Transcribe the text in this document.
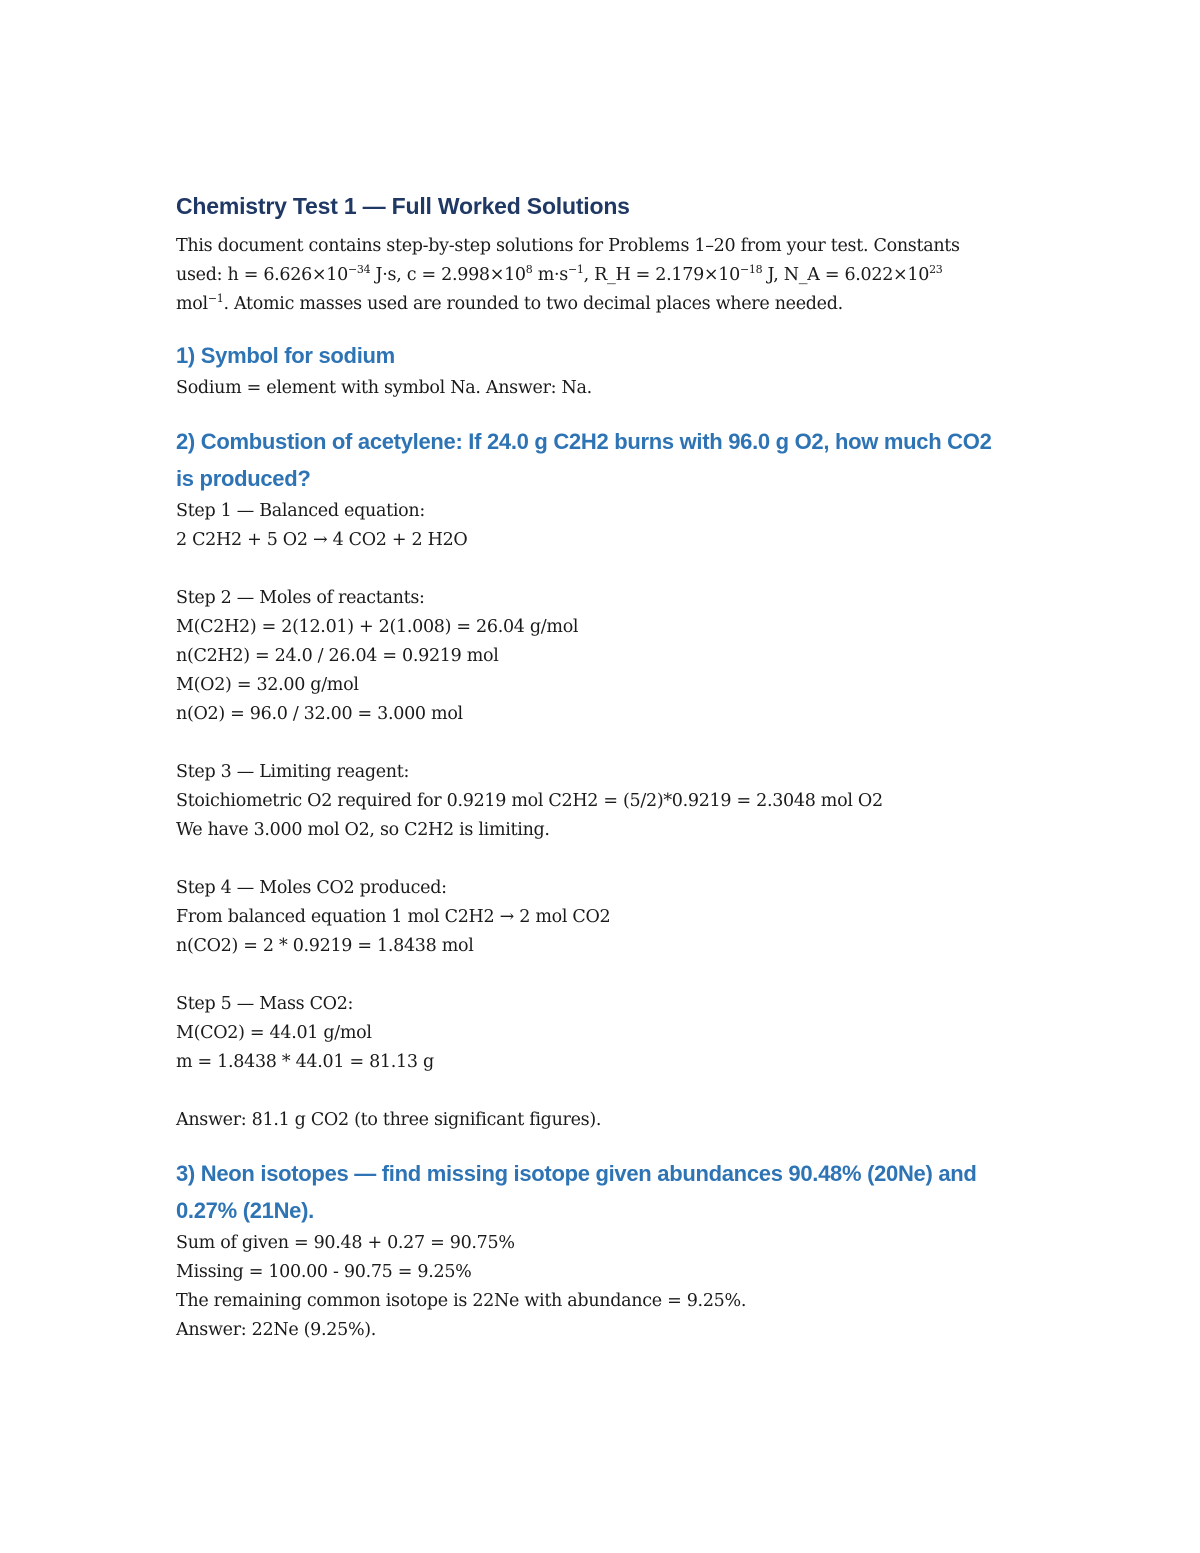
Chemistry Test 1 — Full Worked Solutions
This document contains step-by-step solutions for Problems 1–20 from your test. Constants
used: $h = 6.626\times 10^{-34}$ J·s, $c = 2.998\times 10^8$ $m\cdot s^{-1}$, R_H = $2.179\times 10^{-18}$ J, N_A = $6.022\times 10^{23}$
mol$^{-1}$. Atomic masses used are rounded to two decimal places where needed.
1) Symbol for sodium
Sodium = element with symbol Na. Answer: Na.
2) Combustion of acetylene: If 24.0 g C2H2 burns with 96.0 g O2, how much CO2
is produced?
Step 1 — Balanced equation:
2 C2H2 + 5 O2 → 4 CO2 + 2 H2O
Step 2 — Moles of reactants:
M(C2H2) = 2(12.01) + 2(1.008) = 26.04 g/mol
n(C2H2) = 24.0 / 26.04 = 0.9219 mol
M(O2) = 32.00 g/mol
n(O2) = 96.0 / 32.00 = 3.000 mol
Step 3 — Limiting reagent:
Stoichiometric O2 required for 0.9219 mol C2H2 = (5/2)*0.9219 = 2.3048 mol O2
We have 3.000 mol O2, so C2H2 is limiting.
Step 4 — Moles CO2 produced:
From balanced equation 1 mol C2H2 → 2 mol CO2
n(CO2) = 2 * 0.9219 = 1.8438 mol
Step 5 — Mass CO2:
M(CO2) = 44.01 g/mol
m = 1.8438 * 44.01 = 81.13 g
Answer: 81.1 g CO2 (to three significant figures).
3) Neon isotopes — find missing isotope given abundances 90.48% (20Ne) and
0.27% (21Ne).
Sum of given = 90.48 + 0.27 = 90.75%
Missing = 100.00 - 90.75 = 9.25%
The remaining common isotope is 22Ne with abundance = 9.25%.
Answer: 22Ne (9.25%).
